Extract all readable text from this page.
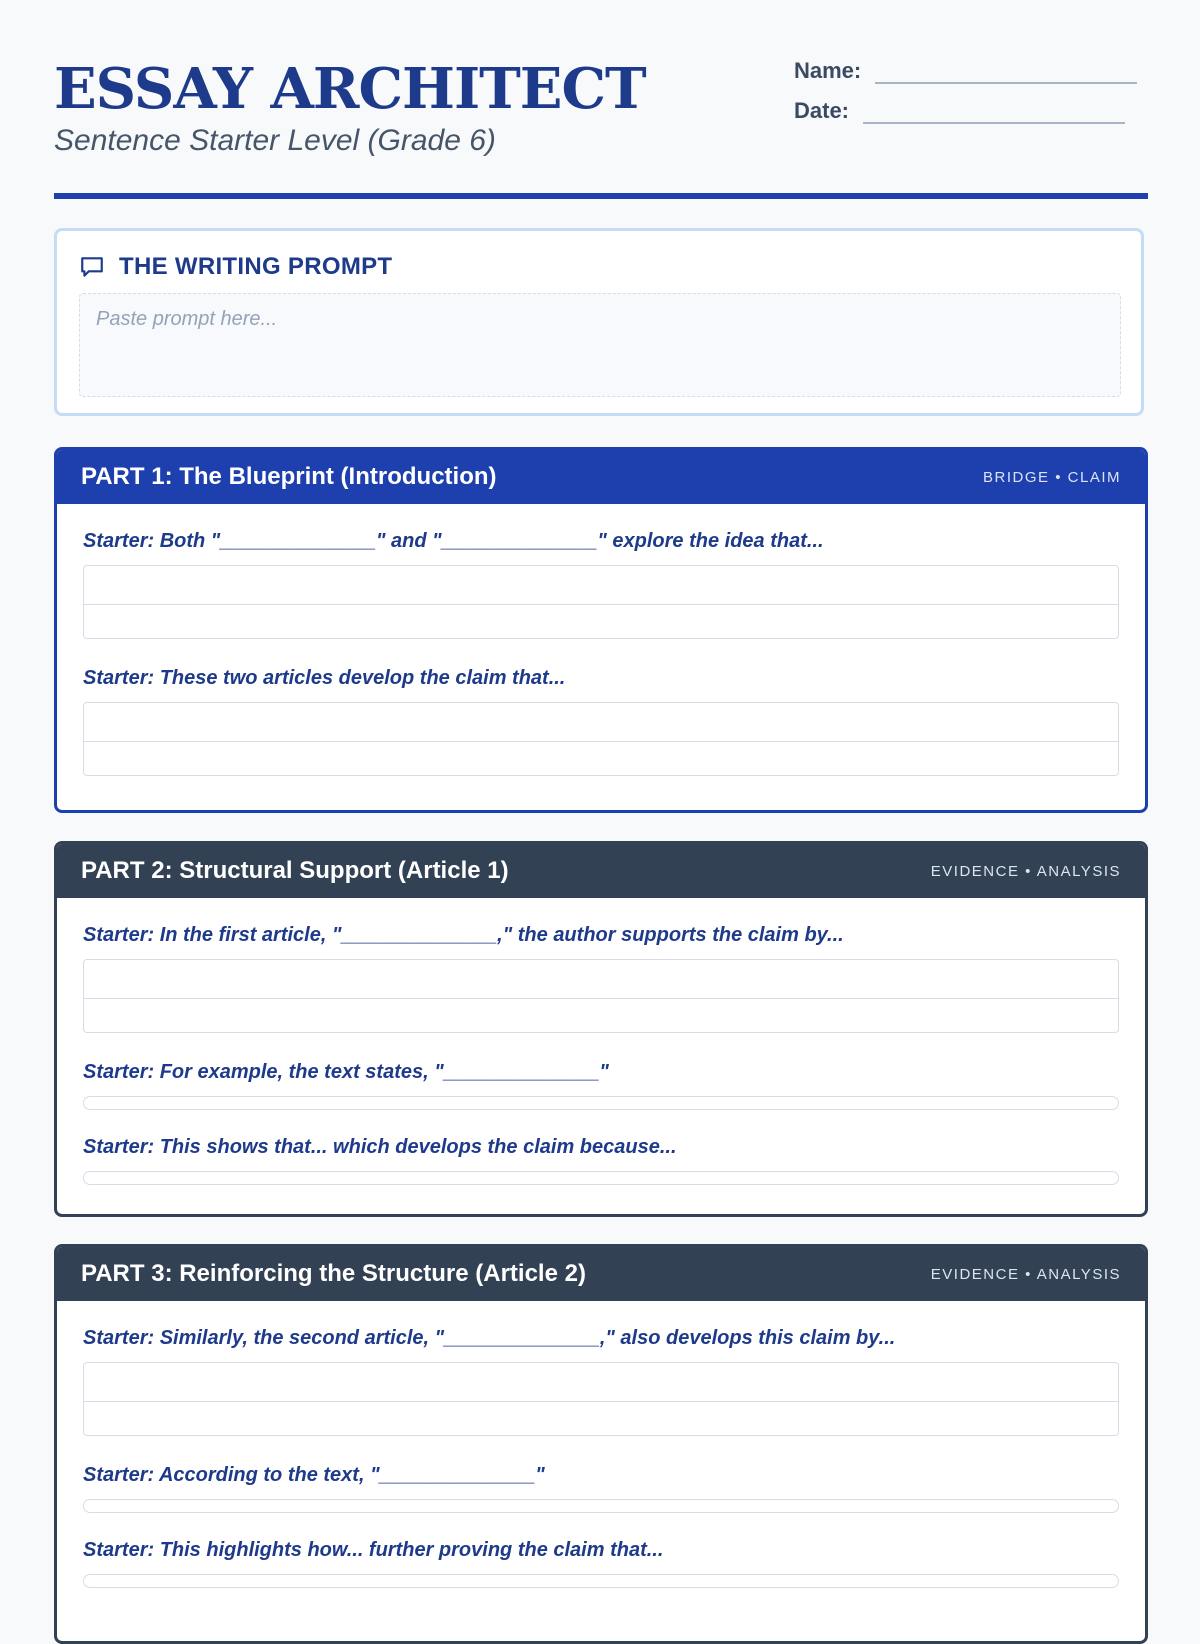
ESSAY ARCHITECT
Sentence Starter Level (Grade 6)
Name:
Date:
THE WRITING PROMPT
Paste prompt here...
PART 1: The Blueprint (Introduction)	BRIDGE • CLAIM
Starter: Both "______________" and "______________" explore the idea that...
Starter: These two articles develop the claim that...
PART 2: Structural Support (Article 1)	EVIDENCE • ANALYSIS
Starter: In the first article, "______________," the author supports the claim by...
Starter: For example, the text states, "______________"
Starter: This shows that... which develops the claim because...
PART 3: Reinforcing the Structure (Article 2)	EVIDENCE • ANALYSIS
Starter: Similarly, the second article, "______________," also develops this claim by...
Starter: According to the text, "______________"
Starter: This highlights how... further proving the claim that...
